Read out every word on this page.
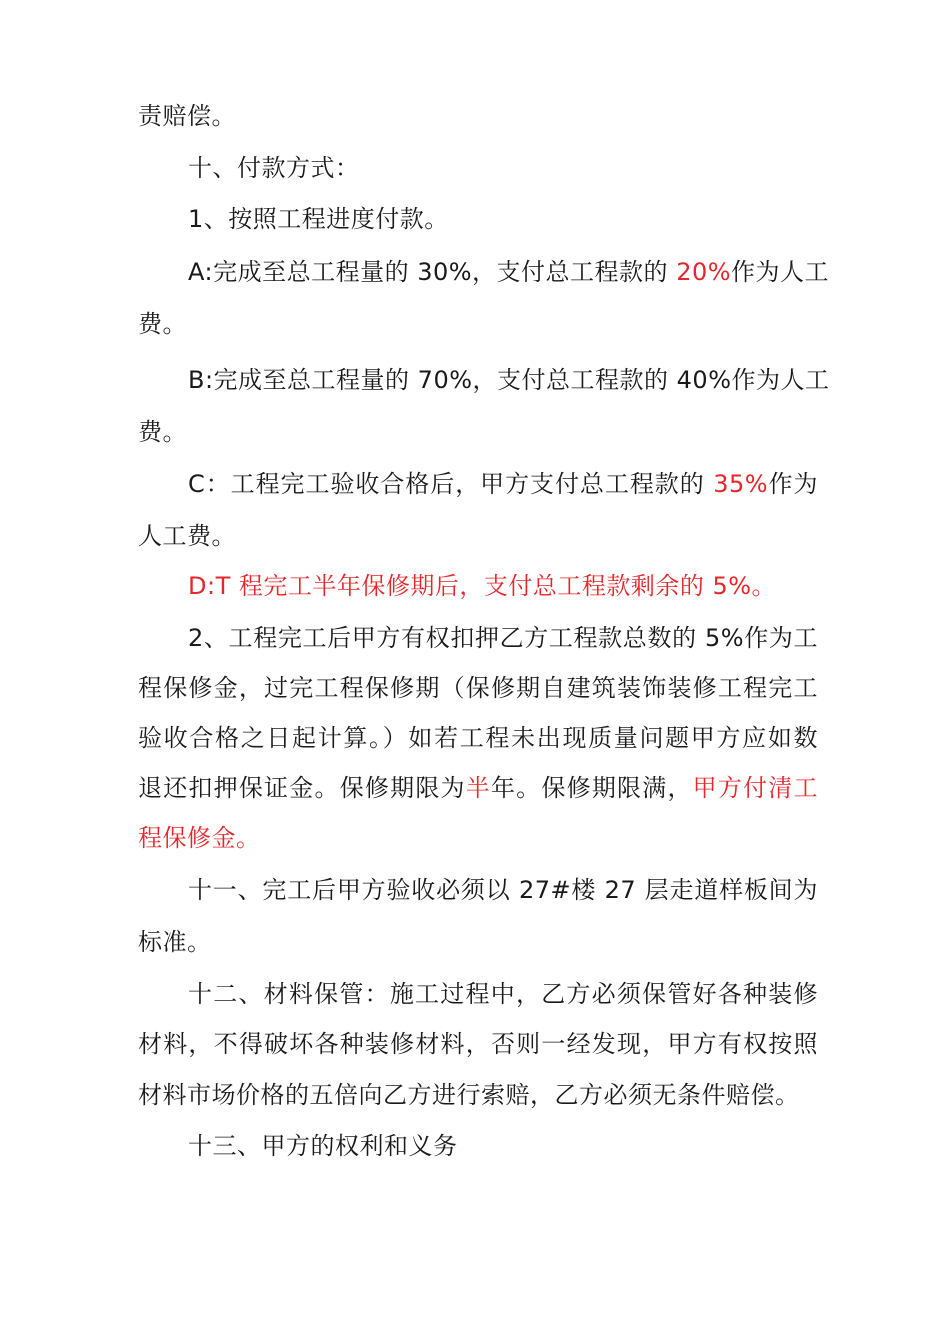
责赔偿。
十、付款方式：
1、按照工程进度付款。
A:完成至总工程量的 30%，支付总工程款的 20%作为人工
费。
B:完成至总工程量的 70%，支付总工程款的 40%作为人工
费。
C：工程完工验收合格后，甲方支付总工程款的 35%作为
人工费。
D:T 程完工半年保修期后，支付总工程款剩余的 5%。
2、工程完工后甲方有权扣押乙方工程款总数的 5%作为工
程保修金，过完工程保修期（保修期自建筑装饰装修工程完工
验收合格之日起计算。）如若工程未出现质量问题甲方应如数
退还扣押保证金。保修期限为半年。保修期限满，甲方付清工
程保修金。
十一、完工后甲方验收必须以 27#楼 27 层走道样板间为
标准。
十二、材料保管：施工过程中，乙方必须保管好各种装修
材料，不得破坏各种装修材料，否则一经发现，甲方有权按照
材料市场价格的五倍向乙方进行索赔，乙方必须无条件赔偿。
十三、甲方的权利和义务
